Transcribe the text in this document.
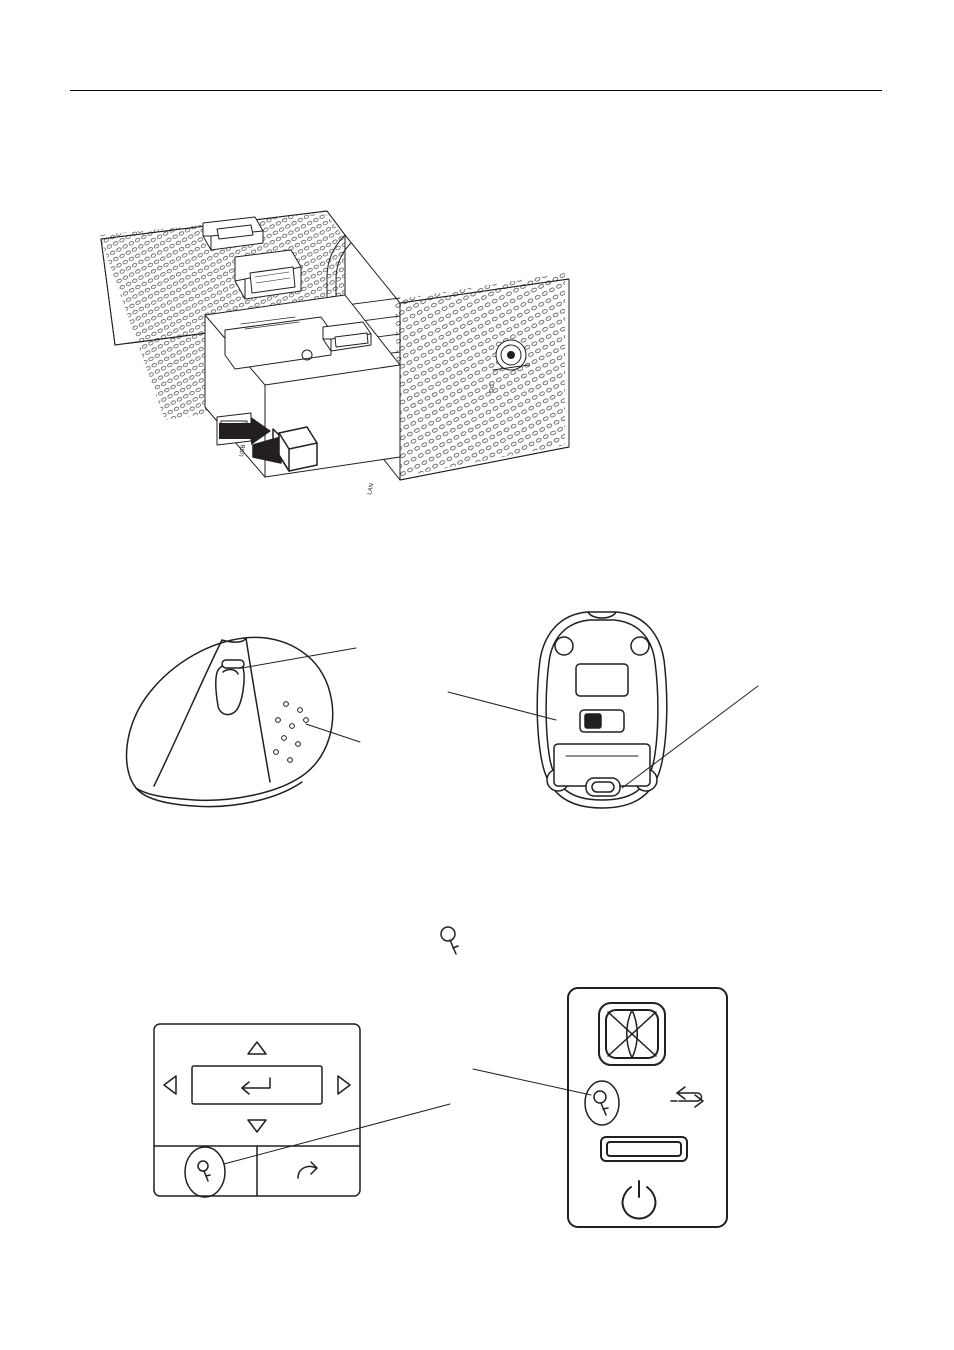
LAN
DC
USB
